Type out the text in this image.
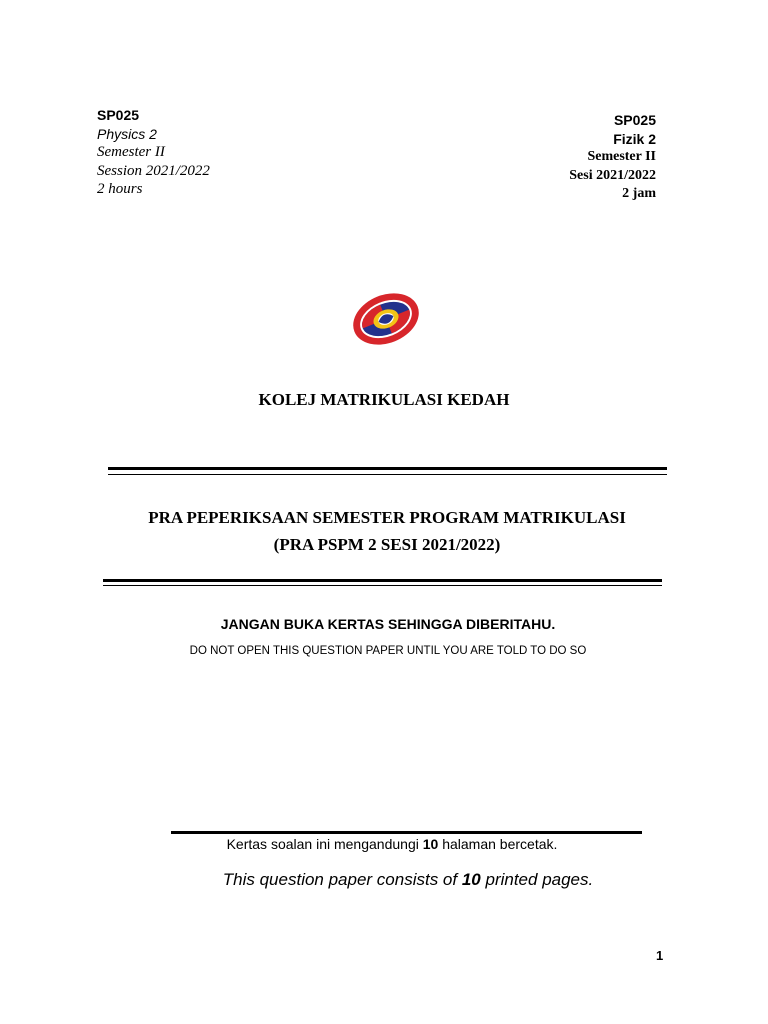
SP025
Physics 2
Semester II
Session 2021/2022
2 hours
SP025
Fizik 2
Semester II
Sesi 2021/2022
2 jam
KOLEJ MATRIKULASI KEDAH
PRA PEPERIKSAAN SEMESTER PROGRAM MATRIKULASI
(PRA PSPM 2 SESI 2021/2022)
JANGAN BUKA KERTAS SEHINGGA DIBERITAHU.
DO NOT OPEN THIS QUESTION PAPER UNTIL YOU ARE TOLD TO DO SO
Kertas soalan ini mengandungi 10 halaman bercetak.
This question paper consists of 10 printed pages.
1
